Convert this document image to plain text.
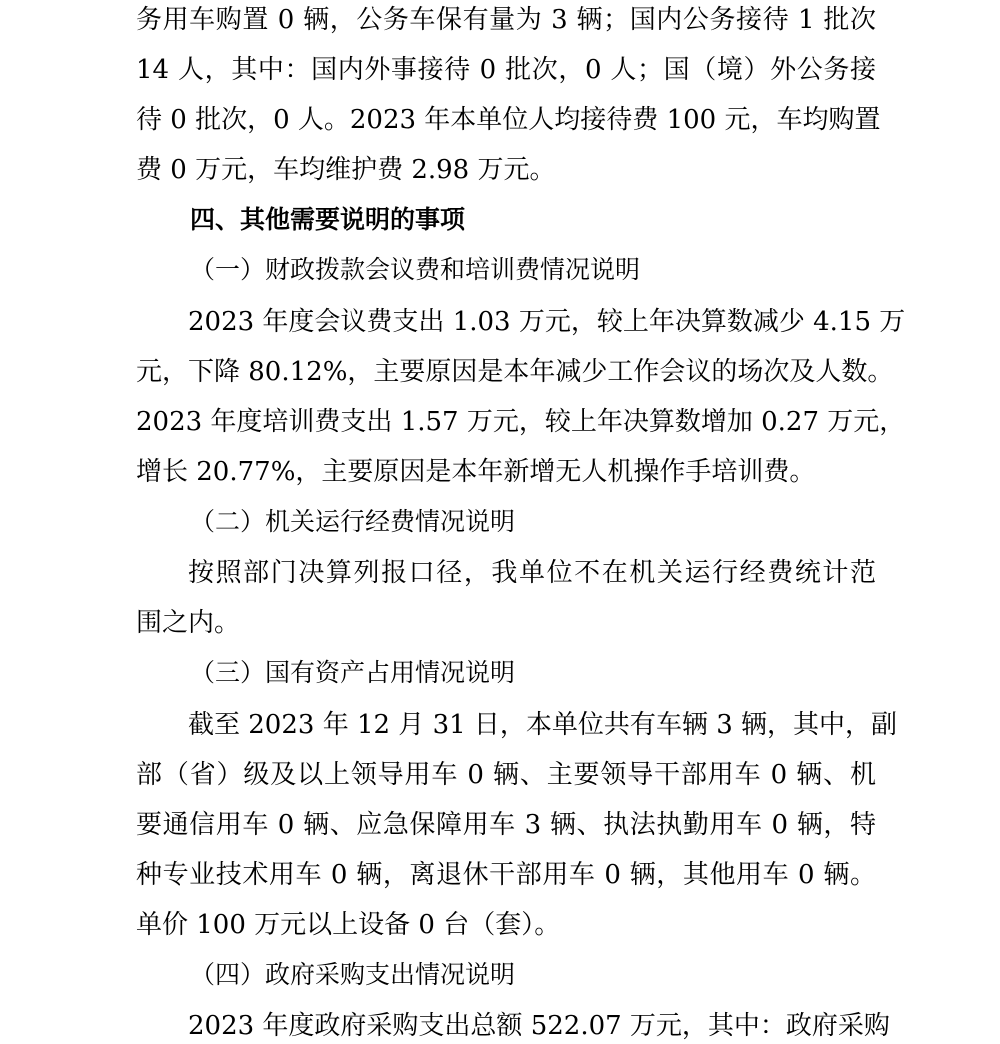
务用车购置 0 辆，公务车保有量为 3 辆；国内公务接待 1 批次
14 人，其中：国内外事接待 0 批次，0 人；国（境）外公务接
待 0 批次，0 人。2023 年本单位人均接待费 100 元，车均购置
费 0 万元，车均维护费 2.98 万元。
四、其他需要说明的事项
（一）财政拨款会议费和培训费情况说明
2023 年度会议费支出 1.03 万元，较上年决算数减少 4.15 万
元，下降 80.12%，主要原因是本年减少工作会议的场次及人数。
2023 年度培训费支出 1.57 万元，较上年决算数增加 0.27 万元，
增长 20.77%，主要原因是本年新增无人机操作手培训费。
（二）机关运行经费情况说明
按照部门决算列报口径，我单位不在机关运行经费统计范
围之内。
（三）国有资产占用情况说明
截至 2023 年 12 月 31 日，本单位共有车辆 3 辆，其中，副
部（省）级及以上领导用车 0 辆、主要领导干部用车 0 辆、机
要通信用车 0 辆、应急保障用车 3 辆、执法执勤用车 0 辆，特
种专业技术用车 0 辆，离退休干部用车 0 辆，其他用车 0 辆。
单价 100 万元以上设备 0 台（套）。
（四）政府采购支出情况说明
2023 年度政府采购支出总额 522.07 万元，其中：政府采购
